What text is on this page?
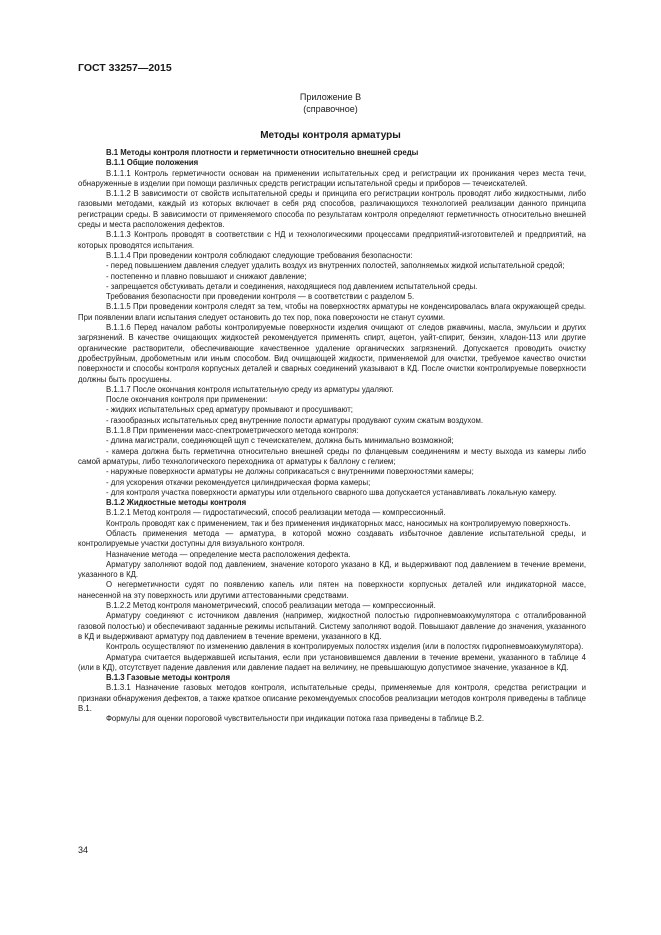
ГОСТ 33257—2015
Приложение В
(справочное)
Методы контроля арматуры

В.1 Методы контроля плотности и герметичности относительно внешней среды

В.1.1 Общие положения

В.1.1.1 Контроль герметичности основан на применении испытательных сред и регистрации их проникания через места течи, обнаруженные в изделии при помощи различных средств регистрации испытательной среды и приборов — течеискателей.

В.1.1.2 В зависимости от свойств испытательной среды и принципа его регистрации контроль проводят либо жидкостными, либо газовыми методами, каждый из которых включает в себя ряд способов, различающихся технологией реализации данного принципа регистрации среды. В зависимости от применяемого способа по результатам контроля определяют герметичность относительно внешней среды и места расположения дефектов.

В.1.1.3 Контроль проводят в соответствии с НД и технологическими процессами предприятий-изготовителей и предприятий, на которых проводятся испытания.

В.1.1.4 При проведении контроля соблюдают следующие требования безопасности:

- перед повышением давления следует удалить воздух из внутренних полостей, заполняемых жидкой испытательной средой;

- постепенно и плавно повышают и снижают давление;

- запрещается обстукивать детали и соединения, находящиеся под давлением испытательной среды.

Требования безопасности при проведении контроля — в соответствии с разделом 5.

В.1.1.5 При проведении контроля следят за тем, чтобы на поверхностях арматуры не конденсировалась влага окружающей среды. При появлении влаги испытания следует остановить до тех пор, пока поверхности не станут сухими.

В.1.1.6 Перед началом работы контролируемые поверхности изделия очищают от следов ржавчины, масла, эмульсии и других загрязнений. В качестве очищающих жидкостей рекомендуется применять спирт, ацетон, уайт-спирит, бензин, хладон-113 или другие органические растворители, обеспечивающие качественное удаление органических загрязнений. Допускается проводить очистку дробеструйным, дробометным или иным способом. Вид очищающей жидкости, применяемой для очистки, требуемое качество очистки поверхности и способы контроля корпусных деталей и сварных соединений указывают в КД. После очистки контролируемые поверхности должны быть просушены.

В.1.1.7 После окончания контроля испытательную среду из арматуры удаляют.

После окончания контроля при применении:

- жидких испытательных сред арматуру промывают и просушивают;

- газообразных испытательных сред внутренние полости арматуры продувают сухим сжатым воздухом.

В.1.1.8 При применении масс-спектрометрического метода контроля:

- длина магистрали, соединяющей щуп с течеискателем, должна быть минимально возможной;

- камера должна быть герметична относительно внешней среды по фланцевым соединениям и месту выхода из камеры либо самой арматуры, либо технологического переходника от арматуры к баллону с гелием;

- наружные поверхности арматуры не должны соприкасаться с внутренними поверхностями камеры;

- для ускорения откачки рекомендуется цилиндрическая форма камеры;

- для контроля участка поверхности арматуры или отдельного сварного шва допускается устанавливать локальную камеру.

В.1.2 Жидкостные методы контроля

В.1.2.1 Метод контроля — гидростатический, способ реализации метода — компрессионный.

Контроль проводят как с применением, так и без применения индикаторных масс, наносимых на контролируемую поверхность.

Область применения метода — арматура, в которой можно создавать избыточное давление испытательной среды, и контролируемые участки доступны для визуального контроля.

Назначение метода — определение места расположения дефекта.

Арматуру заполняют водой под давлением, значение которого указано в КД, и выдерживают под давлением в течение времени, указанного в КД.

О негерметичности судят по появлению капель или пятен на поверхности корпусных деталей или индикаторной массе, нанесенной на эту поверхность или другими аттестованными средствами.

В.1.2.2 Метод контроля манометрический, способ реализации метода — компрессионный.

Арматуру соединяют с источником давления (например, жидкостной полостью гидропневмоаккумулятора с отгалиброванной газовой полостью) и обеспечивают заданные режимы испытаний. Систему заполняют водой. Повышают давление до значения, указанного в КД и выдерживают арматуру под давлением в течение времени, указанного в КД.

Контроль осуществляют по изменению давления в контролируемых полостях изделия (или в полостях гидропневмоаккумулятора).

Арматура считается выдержавшей испытания, если при установившемся давлении в течение времени, указанного в таблице 4 (или в КД), отсутствует падение давления или давление падает на величину, не превышающую допустимое значение, указанное в КД.

В.1.3 Газовые методы контроля

В.1.3.1 Назначение газовых методов контроля, испытательные среды, применяемые для контроля, средства регистрации и признаки обнаружения дефектов, а также краткое описание рекомендуемых способов реализации методов контроля приведены в таблице В.1.

Формулы для оценки пороговой чувствительности при индикации потока газа приведены в таблице В.2.

34
